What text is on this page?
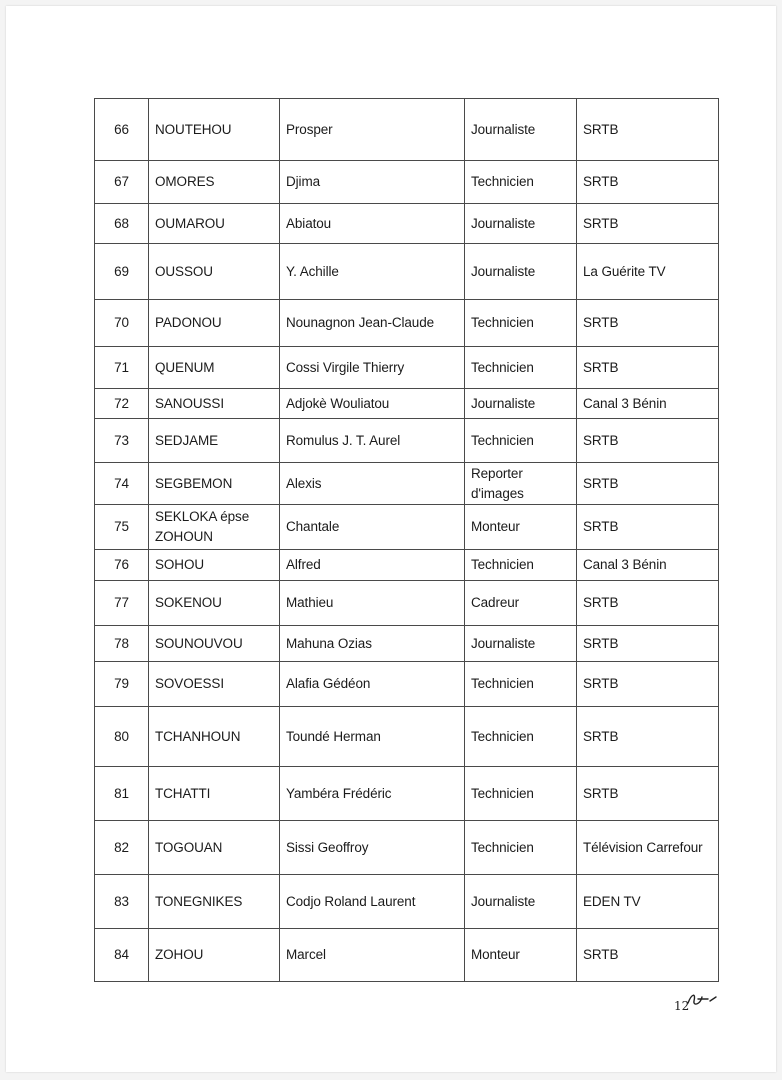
66	NOUTEHOU	Prosper	Journaliste	SRTB
67	OMORES	Djima	Technicien	SRTB
68	OUMAROU	Abiatou	Journaliste	SRTB
69	OUSSOU	Y. Achille	Journaliste	La Guérite TV
70	PADONOU	Nounagnon Jean-Claude	Technicien	SRTB
71	QUENUM	Cossi Virgile Thierry	Technicien	SRTB
72	SANOUSSI	Adjokè Wouliatou	Journaliste	Canal 3 Bénin
73	SEDJAME	Romulus J. T. Aurel	Technicien	SRTB
74	SEGBEMON	Alexis	Reporter d'images	SRTB
75	SEKLOKA épse ZOHOUN	Chantale	Monteur	SRTB
76	SOHOU	Alfred	Technicien	Canal 3 Bénin
77	SOKENOU	Mathieu	Cadreur	SRTB
78	SOUNOUVOU	Mahuna Ozias	Journaliste	SRTB
79	SOVOESSI	Alafia Gédéon	Technicien	SRTB
80	TCHANHOUN	Toundé Herman	Technicien	SRTB
81	TCHATTI	Yambéra Frédéric	Technicien	SRTB
82	TOGOUAN	Sissi Geoffroy	Technicien	Télévision Carrefour
83	TONEGNIKES	Codjo Roland Laurent	Journaliste	EDEN TV
84	ZOHOU	Marcel	Monteur	SRTB
12
